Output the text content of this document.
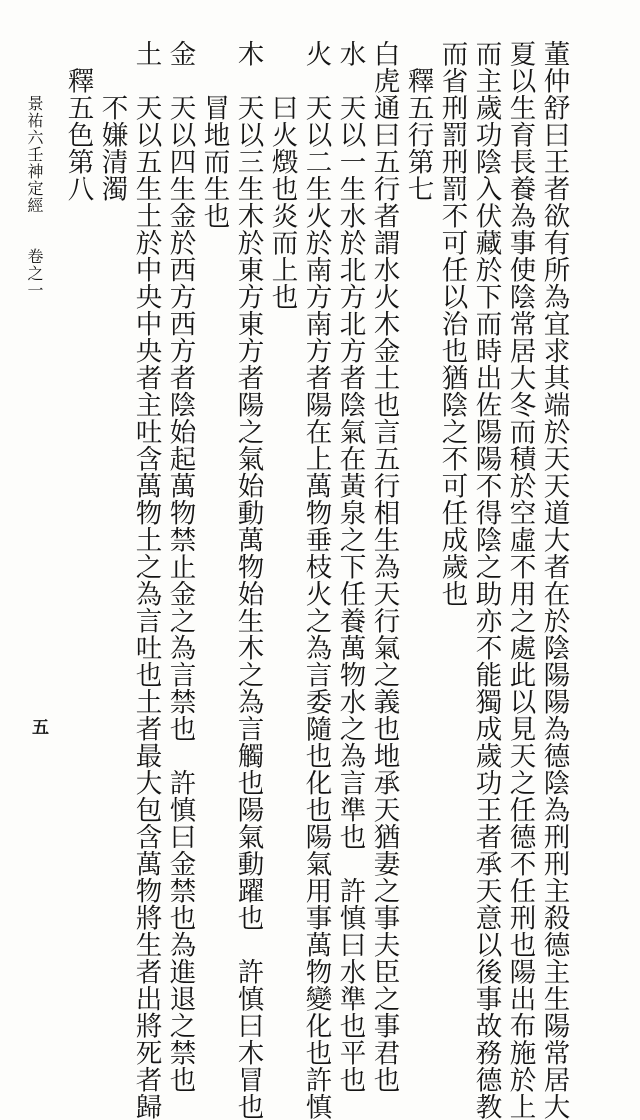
董仲舒曰王者欲有所為宜求其端於天天道大者在於陰陽陽為德陰為刑刑主殺德主生陽常居大
夏以生育長養為事使陰常居大冬而積於空虛不用之處此以見天之任德不任刑也陽出布施於上
而主歲功陰入伏藏於下而時出佐陽陽不得陰之助亦不能獨成歲功王者承天意以後事故務德教
而省刑罰刑罰不可任以治也猶陰之不可任成歲也
　釋五行第七
白虎通曰五行者謂水火木金土也言五行相生為天行氣之義也地承天猶妻之事夫臣之事君也
水　天以一生水於北方北方者陰氣在黃泉之下任養萬物水之為言準也　許慎曰水準也平也
火　天以二生火於南方南方者陽在上萬物垂枝火之為言委隨也化也陽氣用事萬物變化也許慎
　　曰火燬也炎而上也
木　天以三生木於東方東方者陽之氣始動萬物始生木之為言觸也陽氣動躍也　許慎曰木冒也
　　冒地而生也
金　天以四生金於西方西方者陰始起萬物禁止金之為言禁也　許慎曰金禁也為進退之禁也
土　天以五生土於中央中央者主吐含萬物土之為言吐也土者最大包含萬物將生者出將死者歸
　　不嫌清濁
　釋五色第八
景祐六壬神定經　　卷之一
五
